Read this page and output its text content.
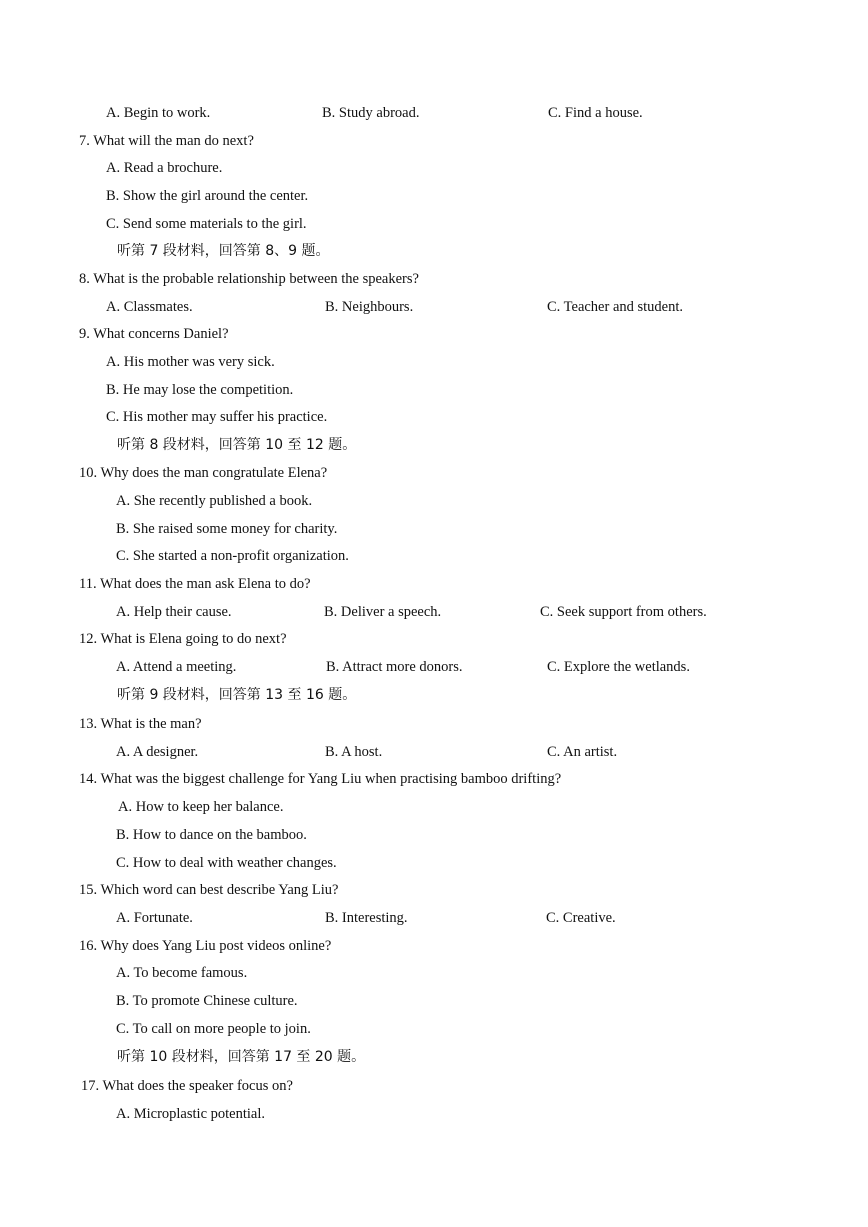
A. Begin to work.	B. Study abroad.	C. Find a house.
7. What will the man do next?
A. Read a brochure.
B. Show the girl around the center.
C. Send some materials to the girl.
听第 7 段材料，回答第 8、9 题。
8. What is the probable relationship between the speakers?
A. Classmates.	B. Neighbours.	C. Teacher and student.
9. What concerns Daniel?
A. His mother was very sick.
B. He may lose the competition.
C. His mother may suffer his practice.
听第 8 段材料，回答第 10 至 12 题。
10. Why does the man congratulate Elena?
A. She recently published a book.
B. She raised some money for charity.
C. She started a non-profit organization.
11. What does the man ask Elena to do?
A. Help their cause.	B. Deliver a speech.	C. Seek support from others.
12. What is Elena going to do next?
A. Attend a meeting.	B. Attract more donors.	C. Explore the wetlands.
听第 9 段材料，回答第 13 至 16 题。
13. What is the man?
A. A designer.	B. A host.	C. An artist.
14. What was the biggest challenge for Yang Liu when practising bamboo drifting?
A. How to keep her balance.
B. How to dance on the bamboo.
C. How to deal with weather changes.
15. Which word can best describe Yang Liu?
A. Fortunate.	B. Interesting.	C. Creative.
16. Why does Yang Liu post videos online?
A. To become famous.
B. To promote Chinese culture.
C. To call on more people to join.
听第 10 段材料，回答第 17 至 20 题。
17. What does the speaker focus on?
A. Microplastic potential.
